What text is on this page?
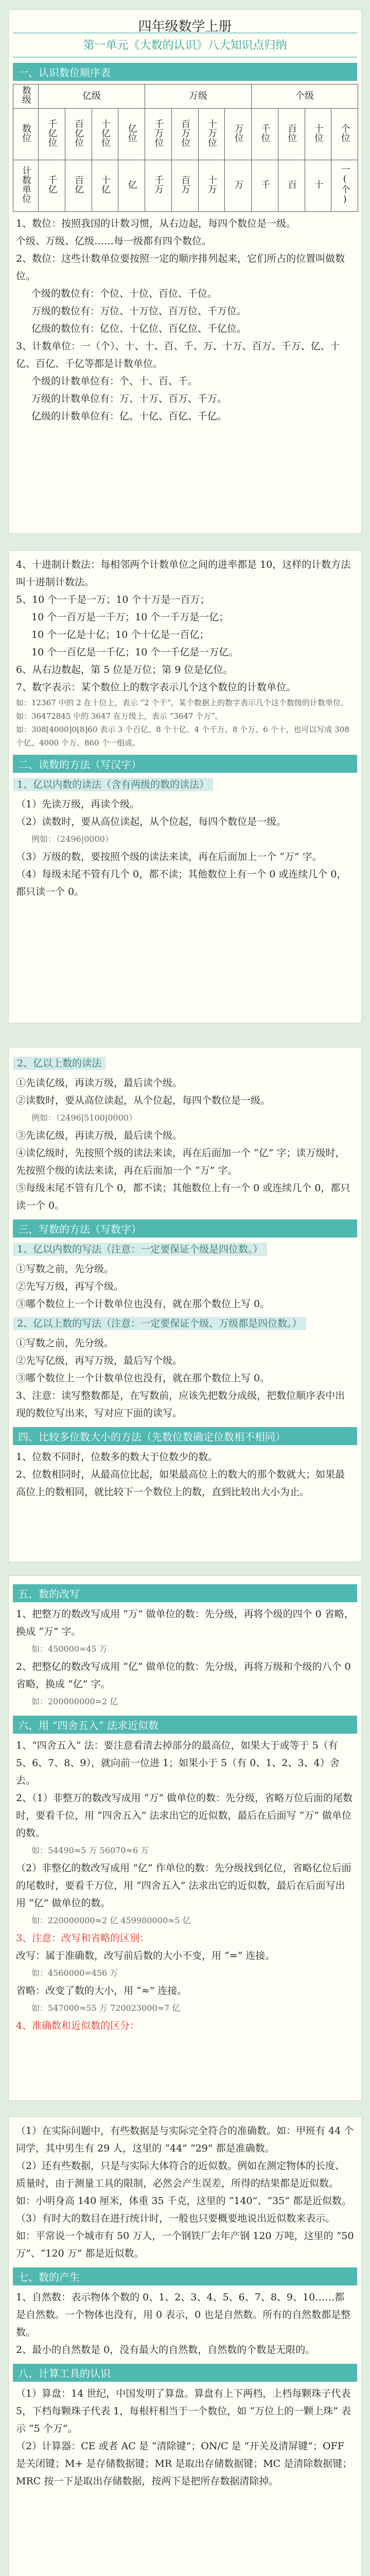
四年级数学上册
第一单元《大数的认识》八大知识点归纳
一、认识数位顺序表
数级	亿级				万级				个级			
数位	千亿位	百亿位	十亿位	亿位	千万位	百万位	十万位	万位	千位	百位	十位	个位
计数单位	千亿	百亿	十亿	亿	千万	百万	十万	万	千	百	十	一(个)

1、数位：按照我国的计数习惯，从右边起，每四个数位是一级。

个级、万级、亿级……每一级都有四个数位。

2、数位：这些计数单位要按照一定的顺序排列起来，它们所占的位置叫做数位。

个级的数位有：个位、十位、百位、千位。

万级的数位有：万位、十万位、百万位、千万位。

亿级的数位有：亿位、十亿位、百亿位、千亿位。

3、计数单位：一（个）、十、十、百、千、万、十万、百万、千万、亿、十亿、百亿、千亿等都是计数单位。

个级的计数单位有：个、十、百、千。

万级的计数单位有：万、十万、百万、千万。

亿级的计数单位有：亿、十亿、百亿、千亿。

4、十进制计数法：每相邻两个计数单位之间的进率都是 10，这样的计数方法叫十进制计数法。

5、10 个一千是一万；10 个十万是一百万；

10 个一百万是一千万；10 个一千万是一亿；

10 个一亿是十亿；10 个十亿是一百亿；

10 个一百亿是一千亿；10 个一千亿是一万亿。

6、从右边数起，第 5 位是万位；第 9 位是亿位。

7、数字表示：某个数位上的数字表示几个这个数位的计数单位。

如：12367 中的 2 在十位上，表示 “2 个千”，某个数据上的数字表示几个这个数级的计数单位。

如：36472845 中的 3647 在万级上，表示 “3647 个万”。

如：308[4000]0[8]60 表示 3 个百亿、8 个十亿、4 个千万、8 个万、6 个十，也可以写成 308 个亿、4000 个万、860 个一组成。

二、读数的方法（写汉字）
1、亿以内数的读法（含有两级的数的读法）

（1）先读万级，再读个级。

（2）读数时，要从高位读起，从个位起，每四个数位是一级。

例如：（2496|0000）

（3）万级的数，要按照个级的读法来读，再在后面加上一个 “万” 字。

（4）每级末尾不管有几个 0，都不读；其他数位上有一个 0 或连续几个 0，都只读一个 0。

2、亿以上数的读法

①先读亿级，再读万级，最后读个级。

②读数时，要从高位读起，从个位起，每四个数位是一级。

例如：（2496|5100|0000）

③先读亿级，再读万级，最后读个级。

④读亿级时，先按照个级的读法来读，再在后面加一个 “亿” 字；读万级时，先按照个级的读法来读，再在后面加一个 “万” 字。

⑤每级末尾不管有几个 0，都不读；其他数位上有一个 0 或连续几个 0，都只读一个 0。

三、写数的方法（写数字）
1、亿以内数的写法（注意：一定要保证个级是四位数。）

①写数之前，先分级。

②先写万级，再写个级。

③哪个数位上一个计数单位也没有，就在那个数位上写 0。

2、亿以上数的写法（注意：一定要保证个级、万级都是四位数。）

①写数之前，先分级。

②先写亿级，再写万级，最后写个级。

③哪个数位上一个计数单位也没有，就在那个数位上写 0。

3、注意：读写整数都是，在写数前，应该先把数分成级，把数位顺序表中出现的数位写出来，写对应下面的读写。

四、比较多位数大小的方法（先数位数确定位数相不相同）

1、位数不同时，位数多的数大于位数少的数。

2、位数相同时，从最高位比起，如果最高位上的数大的那个数就大；如果最高位上的数相同，就比较下一个数位上的数，直到比较出大小为止。

五、数的改写

1、把整万的数改写成用 “万” 做单位的数：先分级，再将个级的四个 0 省略，换成 “万” 字。

如：450000=45 万

2、把整亿的数改写成用 “亿” 做单位的数：先分级，再将万级和个级的八个 0 省略，换成 “亿” 字。

如：200000000=2 亿

六、用 “四舍五入” 法求近似数

1、“四舍五入” 法：要注意看清去掉部分的最高位，如果大于或等于 5（有 5、6、7、8、9），就向前一位进 1；如果小于 5（有 0、1、2、3、4）舍去。

2、（1）非整万的数改写成用 “万” 做单位的数：先分级，省略万位后面的尾数时，要看千位，用 “四舍五入” 法求出它的近似数，最后在后面写 “万” 做单位的数。

如：54490≈5 万 56070≈6 万

（2）非整亿的数改写成用 “亿” 作单位的数：先分级找到亿位，省略亿位后面的尾数时，要看千万位，用 “四舍五入” 法求出它的近似数，最后在后面写出用 “亿” 做单位的数。

如：220000000≈2 亿 459980000≈5 亿

3、注意：改写和省略的区别：

改写：属于准确数，改写前后数的大小不变，用 “=” 连接。

如：4560000=456 万

省略：改变了数的大小，用 “≈” 连接。

如：547000≈55 万 720023000≈7 亿

4、准确数和近似数的区分：

（1）在实际问题中，有些数据是与实际完全符合的准确数。如：甲班有 44 个同学，其中男生有 29 人，这里的 “44” “29” 都是准确数。

（2）还有些数据，只是与实际大体符合的近似数。例如在测定物体的长度、质量时，由于测量工具的限制，必然会产生误差，所得的结果都是近似数。如：小明身高 140 厘米，体重 35 千克，这里的 “140”、“35” 都是近似数。

（3）有时大的数目在进行统计时，一般也只要概要地说出近似数来表示。如：平常说一个城市有 50 万人，一个钢铁厂去年产钢 120 万吨，这里的 “50 万”、“120 万” 都是近似数。

七、数的产生

1、自然数：表示物体个数的 0、1、2、3、4、5、6、7、8、9、10……都是自然数。一个物体也没有，用 0 表示，0 也是自然数。所有的自然数都是整数。

2、最小的自然数是 0，没有最大的自然数，自然数的个数是无限的。

八、计算工具的认识

（1）算盘：14 世纪，中国发明了算盘。算盘有上下两档，上档每颗珠子代表 5，下档每颗珠子代表 1，每根杆相当于一个数位，如 “万位上的一颗上珠” 表示 “5 个万”。

（2）计算器：CE 或者 AC 是 “清除键”；ON/C 是 “开关及清屏键”；OFF 是关闭键；M+ 是存储数据键；MR 是取出存储数据键；MC 是清除数据键；MRC 按一下是取出存储数据，按两下是把所存数据清除掉。
